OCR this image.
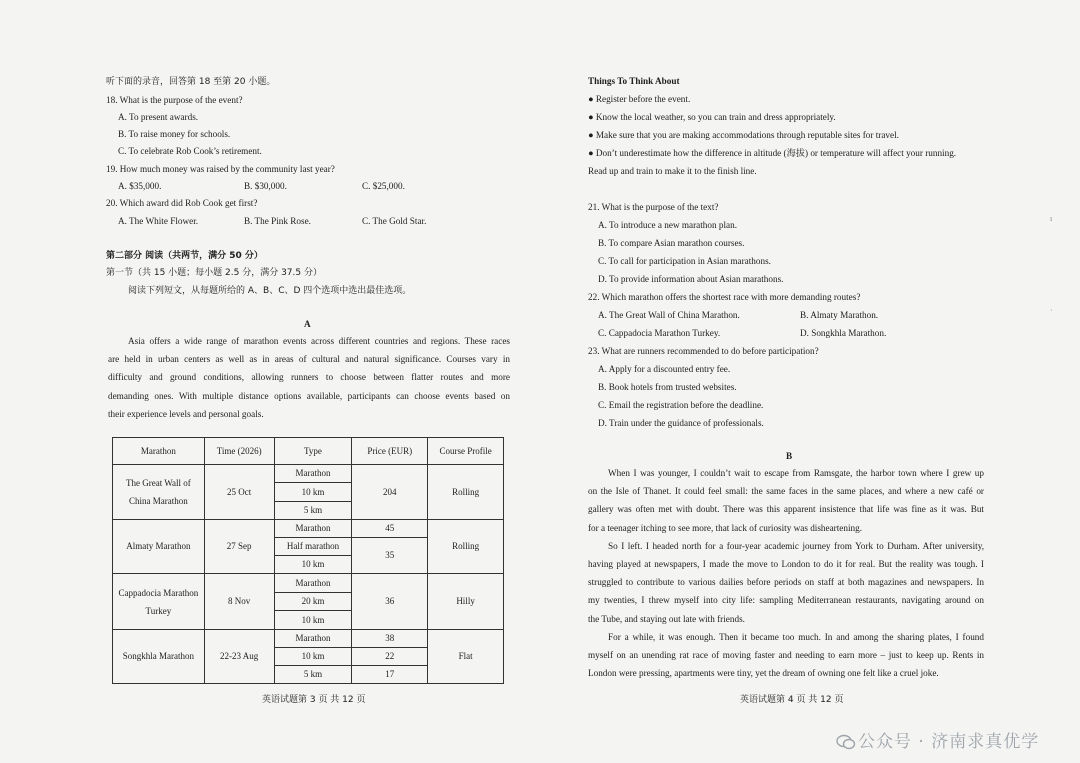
听下面的录音，回答第 18 至第 20 小题。
18. What is the purpose of the event?
A. To present awards.
B. To raise money for schools.
C. To celebrate Rob Cook’s retirement.
19. How much money was raised by the community last year?
A. $35,000.	B. $30,000.	C. $25,000.
20. Which award did Rob Cook get first?
A. The White Flower.	B. The Pink Rose.	C. The Gold Star.
第二部分 阅读（共两节，满分 50 分）
第一节（共 15 小题；每小题 2.5 分，满分 37.5 分）
阅读下列短文，从每题所给的 A、B、C、D 四个选项中选出最佳选项。
A
Asia offers a wide range of marathon events across different countries and regions. These races
are held in urban centers as well as in areas of cultural and natural significance. Courses vary in
difficulty and ground conditions, allowing runners to choose between flatter routes and more
demanding ones. With multiple distance options available, participants can choose events based on
their experience levels and personal goals.
Marathon	Time (2026)	Type	Price (EUR)	Course Profile
The Great Wall of China Marathon	25 Oct	Marathon	204	Rolling
		10 km		
		5 km		
Almaty Marathon	27 Sep	Marathon	45	Rolling
		Half marathon	35	
		10 km		
Cappadocia Marathon Turkey	8 Nov	Marathon	36	Hilly
		20 km		
		10 km		
Songkhla Marathon	22-23 Aug	Marathon	38	Flat
		10 km	22	
		5 km	17	
英语试题第 3 页 共 12 页
Things To Think About
● Register before the event.
● Know the local weather, so you can train and dress appropriately.
● Make sure that you are making accommodations through reputable sites for travel.
● Don’t underestimate how the difference in altitude (海拔) or temperature will affect your running.
Read up and train to make it to the finish line.
21. What is the purpose of the text?
A. To introduce a new marathon plan.
B. To compare Asian marathon courses.
C. To call for participation in Asian marathons.
D. To provide information about Asian marathons.
22. Which marathon offers the shortest race with more demanding routes?
A. The Great Wall of China Marathon.	B. Almaty Marathon.
C. Cappadocia Marathon Turkey.	D. Songkhla Marathon.
23. What are runners recommended to do before participation?
A. Apply for a discounted entry fee.
B. Book hotels from trusted websites.
C. Email the registration before the deadline.
D. Train under the guidance of professionals.
B
When I was younger, I couldn’t wait to escape from Ramsgate, the harbor town where I grew up
on the Isle of Thanet. It could feel small: the same faces in the same places, and where a new café or
gallery was often met with doubt. There was this apparent insistence that life was fine as it was. But
for a teenager itching to see more, that lack of curiosity was disheartening.
So I left. I headed north for a four-year academic journey from York to Durham. After university,
having played at newspapers, I made the move to London to do it for real. But the reality was tough. I
struggled to contribute to various dailies before periods on staff at both magazines and newspapers. In
my twenties, I threw myself into city life: sampling Mediterranean restaurants, navigating around on
the Tube, and staying out late with friends.
For a while, it was enough. Then it became too much. In and among the sharing plates, I found
myself on an unending rat race of moving faster and needing to earn more – just to keep up. Rents in
London were pressing, apartments were tiny, yet the dream of owning one felt like a cruel joke.
英语试题第 4 页 共 12 页
ı
·
公众号 · 济南求真优学
